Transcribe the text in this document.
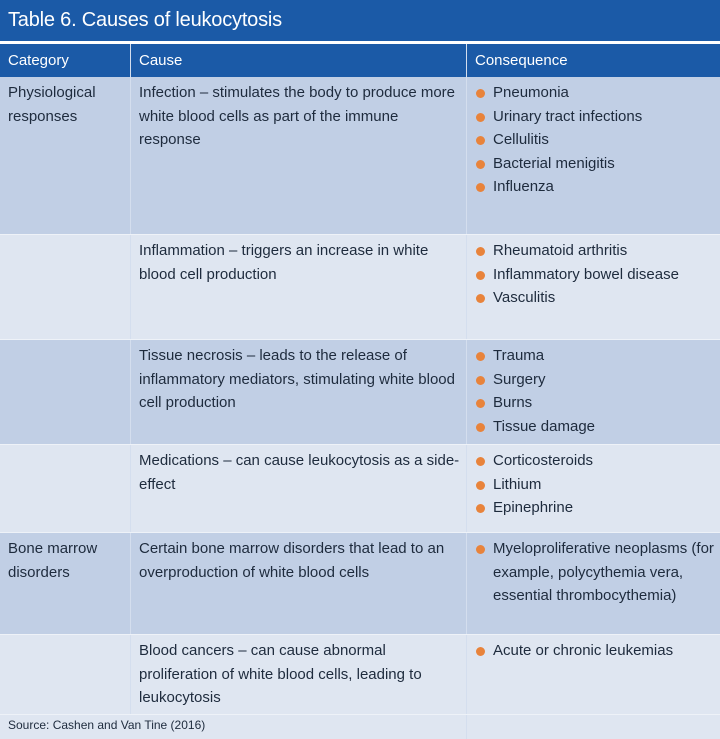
Table 6. Causes of leukocytosis
Category	Cause	Consequence
Physiological responses
Infection – stimulates the body to produce more white blood cells as part of the immune response
Pneumonia
Urinary tract infections
Cellulitis
Bacterial menigitis
Influenza
Inflammation – triggers an increase in white blood cell production
Rheumatoid arthritis
Inflammatory bowel disease
Vasculitis
Tissue necrosis – leads to the release of inflammatory mediators, stimulating white blood cell production
Trauma
Surgery
Burns
Tissue damage
Medications – can cause leukocytosis as a side-effect
Corticosteroids
Lithium
Epinephrine
Bone marrow disorders
Certain bone marrow disorders that lead to an overproduction of white blood cells
Myeloproliferative neoplasms (for example, polycythemia vera, essential thrombocythemia)
Blood cancers – can cause abnormal proliferation of white blood cells, leading to leukocytosis
Acute or chronic leukemias
Source: Cashen and Van Tine (2016)
